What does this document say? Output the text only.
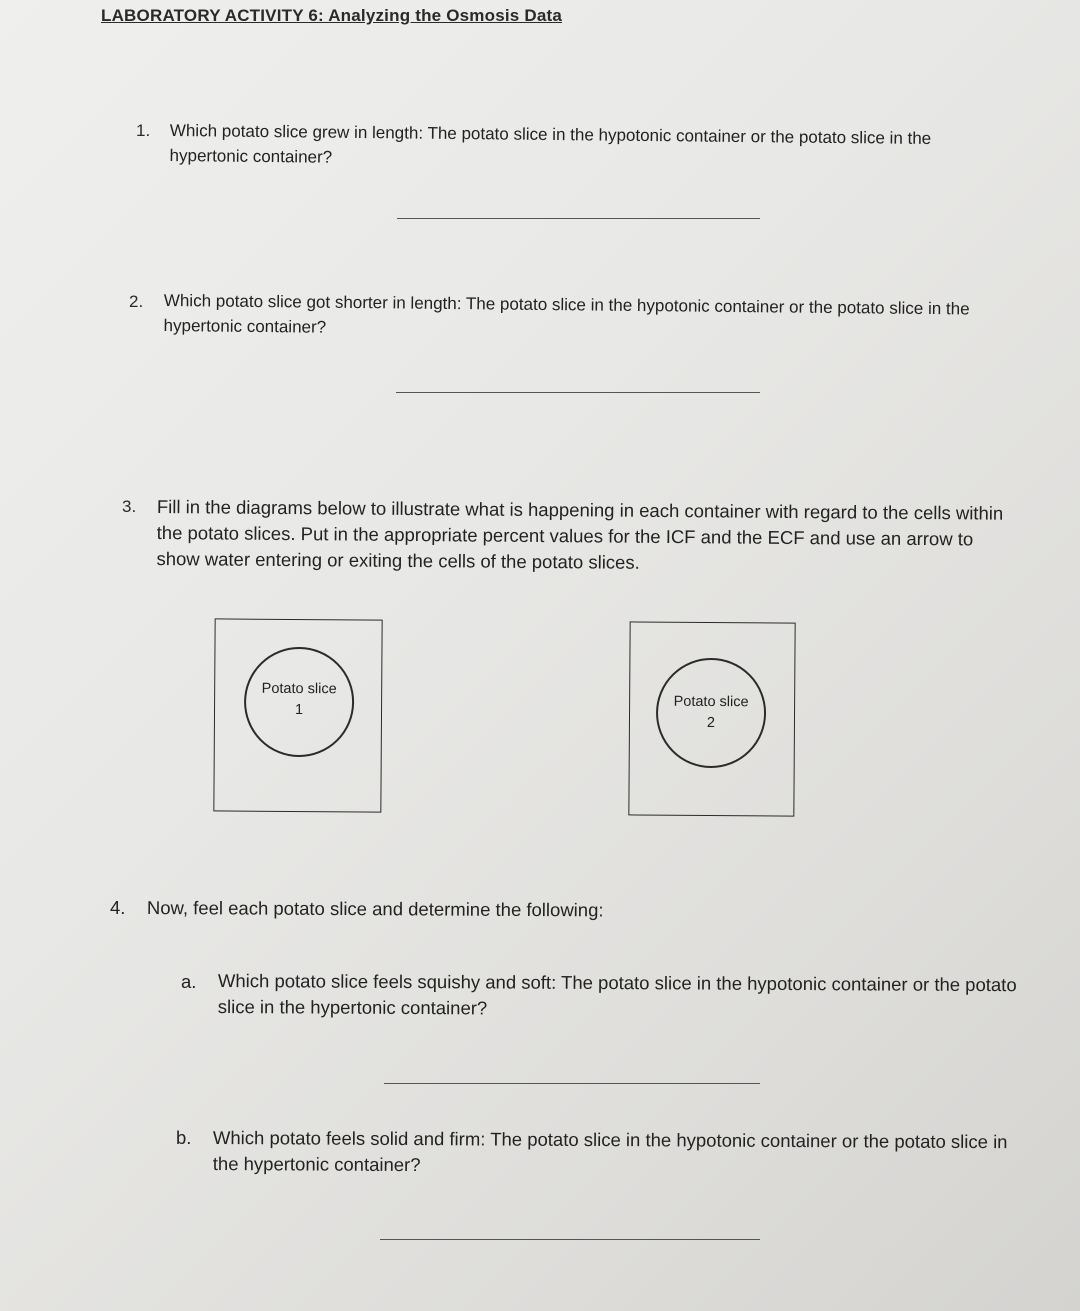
LABORATORY ACTIVITY 6: Analyzing the Osmosis Data
1. Which potato slice grew in length: The potato slice in the hypotonic container or the potato slice in the hypertonic container?
2. Which potato slice got shorter in length: The potato slice in the hypotonic container or the potato slice in the hypertonic container?
3. Fill in the diagrams below to illustrate what is happening in each container with regard to the cells within the potato slices. Put in the appropriate percent values for the ICF and the ECF and use an arrow to show water entering or exiting the cells of the potato slices.
Potato slice
1	Potato slice
2
4. Now, feel each potato slice and determine the following:
a. Which potato slice feels squishy and soft: The potato slice in the hypotonic container or the potato slice in the hypertonic container?
b. Which potato feels solid and firm: The potato slice in the hypotonic container or the potato slice in the hypertonic container?
